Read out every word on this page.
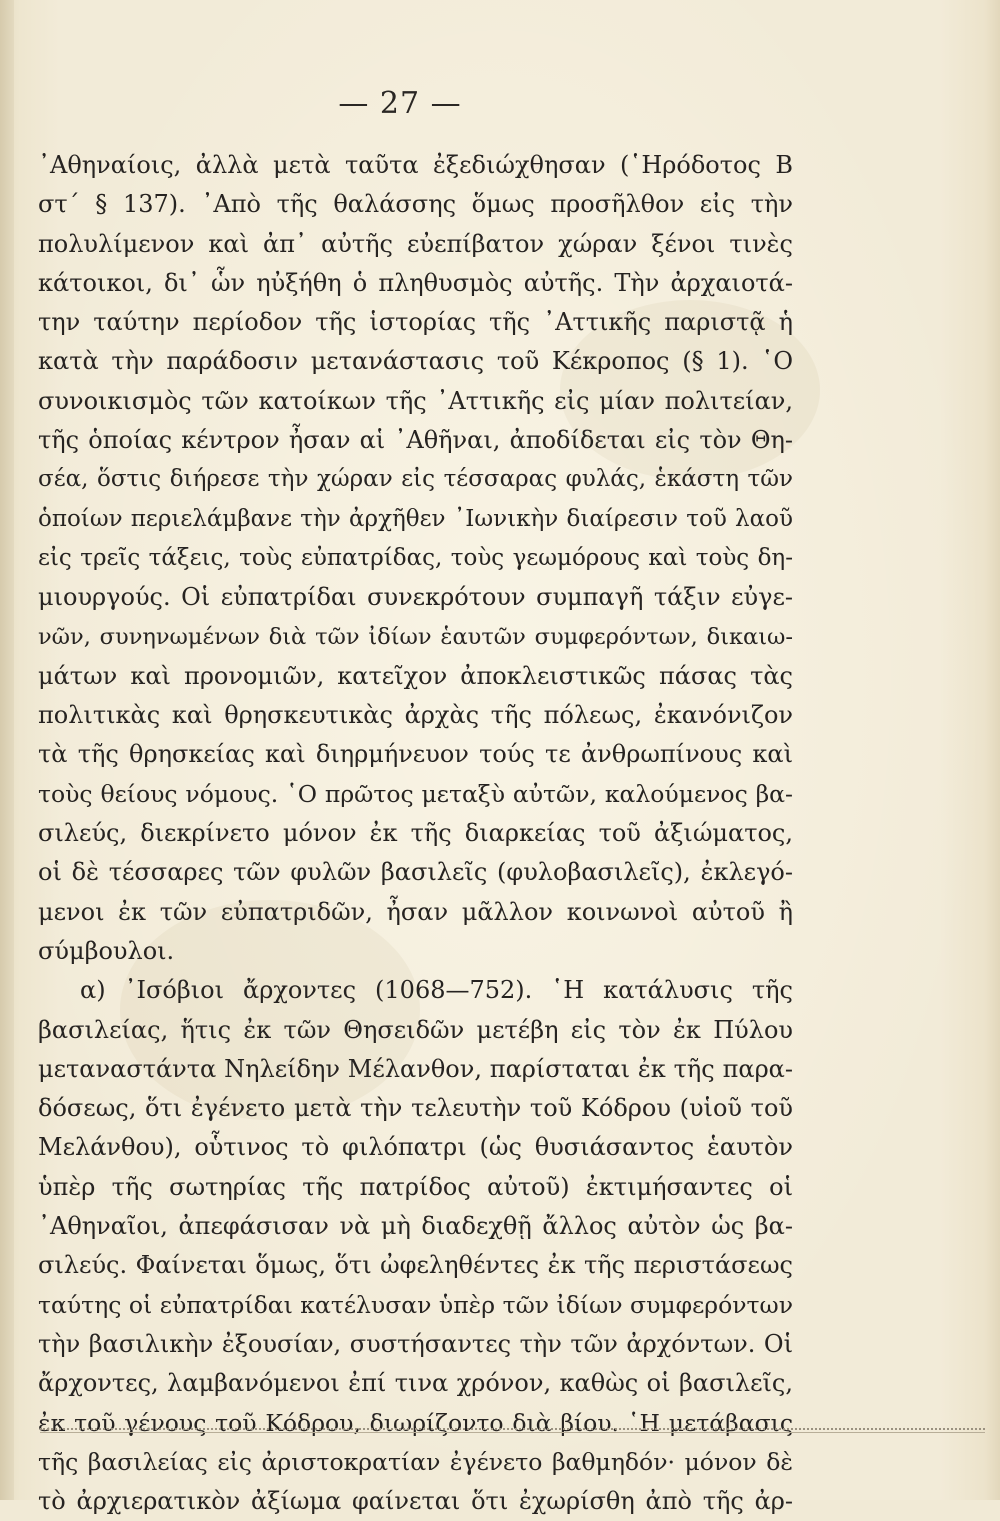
— 27 —
᾿Αθηναίοις, ἀλλὰ μετὰ ταῦτα ἐξεδιώχθησαν (῾Ηρόδοτος Β
στ΄ § 137). ᾿Απὸ τῆς θαλάσσης ὅμως προσῆλθον εἰς τὴν
πολυλίμενον καὶ ἀπ᾿ αὐτῆς εὐεπίβατον χώραν ξένοι τινὲς
κάτοικοι, δι᾿ ὧν ηὐξήθη ὁ πληθυσμὸς αὐτῆς. Τὴν ἀρχαιοτά-
την ταύτην περίοδον τῆς ἱστορίας τῆς ᾿Αττικῆς παριστᾷ ἡ
κατὰ τὴν παράδοσιν μετανάστασις τοῦ Κέκροπος (§ 1). ῾Ο
συνοικισμὸς τῶν κατοίκων τῆς ᾿Αττικῆς εἰς μίαν πολιτείαν,
τῆς ὁποίας κέντρον ἦσαν αἱ ᾿Αθῆναι, ἀποδίδεται εἰς τὸν Θη-
σέα, ὅστις διήρεσε τὴν χώραν εἰς τέσσαρας φυλάς, ἑκάστη τῶν
ὁποίων περιελάμβανε τὴν ἀρχῆθεν ᾿Ιωνικὴν διαίρεσιν τοῦ λαοῦ
εἰς τρεῖς τάξεις, τοὺς εὐπατρίδας, τοὺς γεωμόρους καὶ τοὺς δη-
μιουργούς. Οἱ εὐπατρίδαι συνεκρότουν συμπαγῆ τάξιν εὐγε-
νῶν, συνηνωμένων διὰ τῶν ἰδίων ἑαυτῶν συμφερόντων, δικαιω-
μάτων καὶ προνομιῶν, κατεῖχον ἀποκλειστικῶς πάσας τὰς
πολιτικὰς καὶ θρησκευτικὰς ἀρχὰς τῆς πόλεως, ἐκανόνιζον
τὰ τῆς θρησκείας καὶ διηρμήνευον τούς τε ἀνθρωπίνους καὶ
τοὺς θείους νόμους. ῾Ο πρῶτος μεταξὺ αὐτῶν, καλούμενος βα-
σιλεύς, διεκρίνετο μόνον ἐκ τῆς διαρκείας τοῦ ἀξιώματος,
οἱ δὲ τέσσαρες τῶν φυλῶν βασιλεῖς (φυλοβασιλεῖς), ἐκλεγό-
μενοι ἐκ τῶν εὐπατριδῶν, ἦσαν μᾶλλον κοινωνοὶ αὐτοῦ ἢ
σύμβουλοι.
α) ᾿Ισόβιοι ἄρχοντες (1068—752). ῾Η κατάλυσις τῆς
βασιλείας, ἥτις ἐκ τῶν Θησειδῶν μετέβη εἰς τὸν ἐκ Πύλου
μεταναστάντα Νηλείδην Μέλανθον, παρίσταται ἐκ τῆς παρα-
δόσεως, ὅτι ἐγένετο μετὰ τὴν τελευτὴν τοῦ Κόδρου (υἱοῦ τοῦ
Μελάνθου), οὗτινος τὸ φιλόπατρι (ὡς θυσιάσαντος ἑαυτὸν
ὑπὲρ τῆς σωτηρίας τῆς πατρίδος αὐτοῦ) ἐκτιμήσαντες οἱ
᾿Αθηναῖοι, ἀπεφάσισαν νὰ μὴ διαδεχθῇ ἄλλος αὐτὸν ὡς βα-
σιλεύς. Φαίνεται ὅμως, ὅτι ὠφεληθέντες ἐκ τῆς περιστάσεως
ταύτης οἱ εὐπατρίδαι κατέλυσαν ὑπὲρ τῶν ἰδίων συμφερόντων
τὴν βασιλικὴν ἐξουσίαν, συστήσαντες τὴν τῶν ἀρχόντων. Οἱ
ἄρχοντες, λαμβανόμενοι ἐπί τινα χρόνον, καθὼς οἱ βασιλεῖς,
ἐκ τοῦ γένους τοῦ Κόδρου, διωρίζοντο διὰ βίου. ῾Η μετάβασις
τῆς βασιλείας εἰς ἀριστοκρατίαν ἐγένετο βαθμηδόν· μόνον δὲ
τὸ ἀρχιερατικὸν ἀξίωμα φαίνεται ὅτι ἐχωρίσθη ἀπὸ τῆς ἀρ-
